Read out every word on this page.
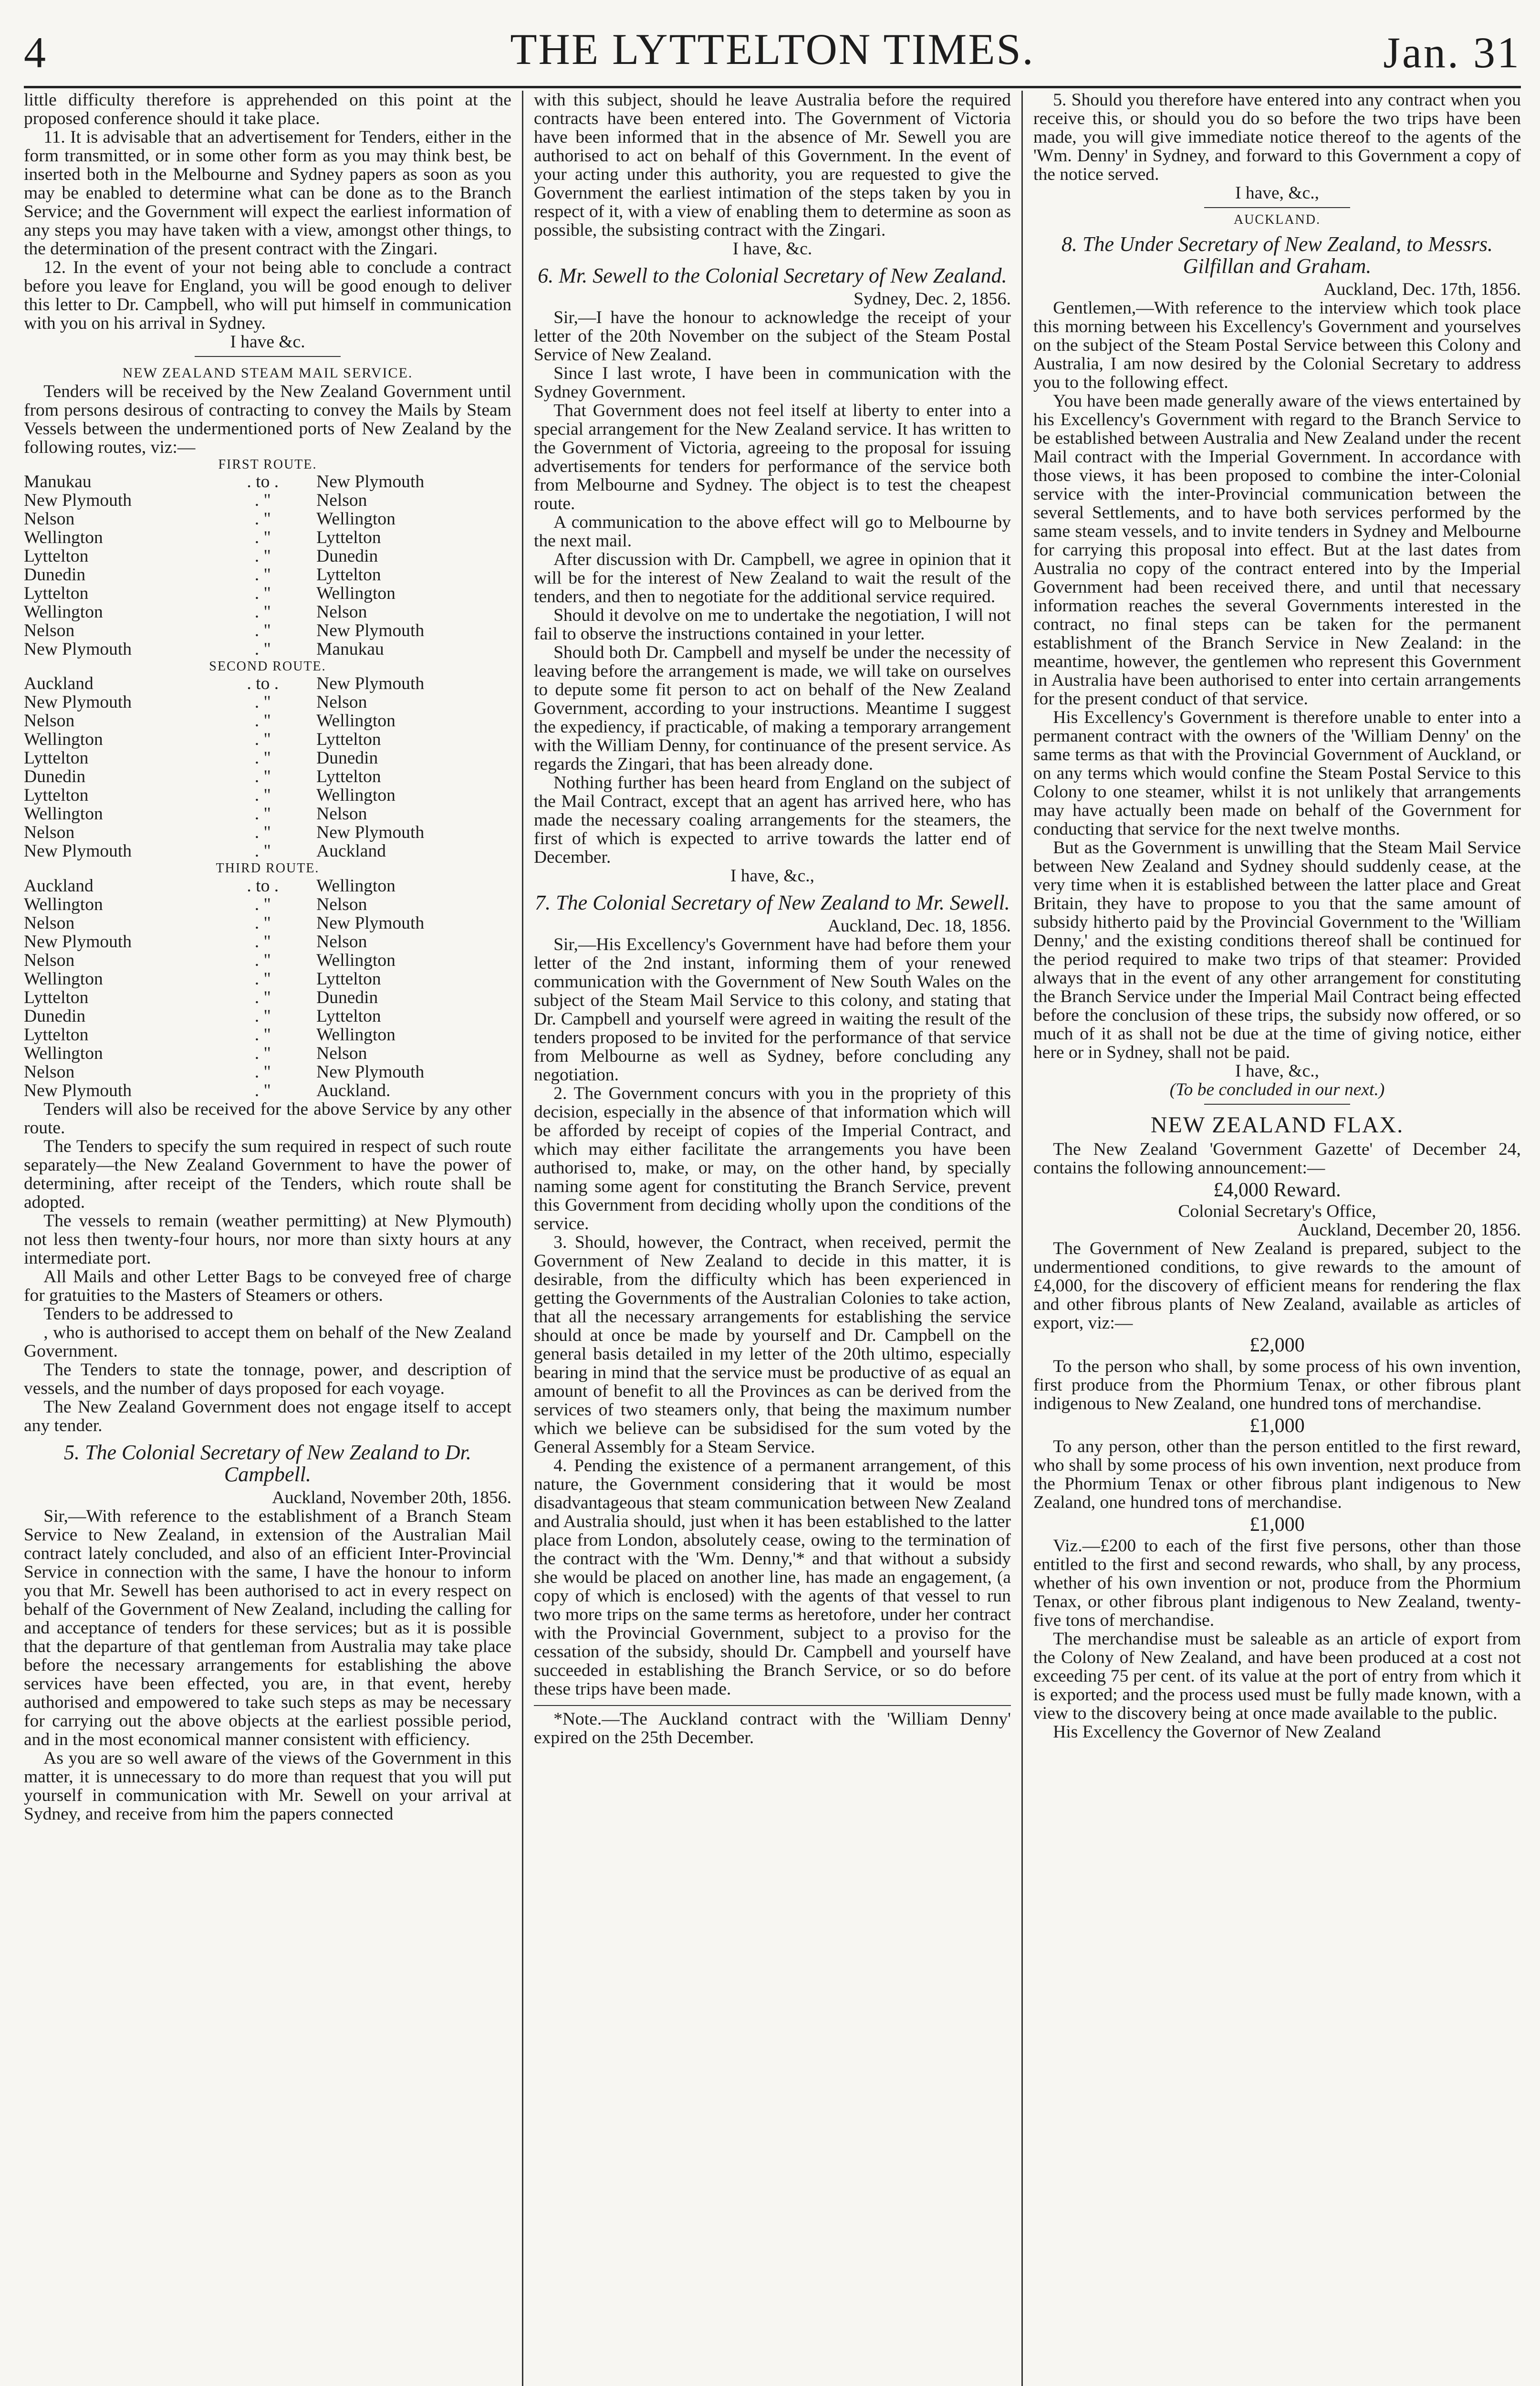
4	THE LYTTELTON TIMES.	Jan. 31

little difficulty therefore is apprehended on this point at the proposed conference should it take place.

11. It is advisable that an advertisement for Tenders, either in the form transmitted, or in some other form as you may think best, be inserted both in the Melbourne and Sydney papers as soon as you may be enabled to determine what can be done as to the Branch Service; and the Government will expect the earliest information of any steps you may have taken with a view, amongst other things, to the determination of the present contract with the Zingari.

12. In the event of your not being able to conclude a contract before you leave for England, you will be good enough to deliver this letter to Dr. Campbell, who will put himself in communication with you on his arrival in Sydney.

I have &c.

NEW ZEALAND STEAM MAIL SERVICE.

Tenders will be received by the New Zealand Government until from persons desirous of contracting to convey the Mails by Steam Vessels between the undermentioned ports of New Zealand by the following routes, viz:—

FIRST ROUTE.
Manukau	. to .	New Plymouth
New Plymouth	. "	Nelson
Nelson	. "	Wellington
Wellington	. "	Lyttelton
Lyttelton	. "	Dunedin
Dunedin	. "	Lyttelton
Lyttelton	. "	Wellington
Wellington	. "	Nelson
Nelson	. "	New Plymouth
New Plymouth	. "	Manukau
SECOND ROUTE.
Auckland	. to .	New Plymouth
New Plymouth	. "	Nelson
Nelson	. "	Wellington
Wellington	. "	Lyttelton
Lyttelton	. "	Dunedin
Dunedin	. "	Lyttelton
Lyttelton	. "	Wellington
Wellington	. "	Nelson
Nelson	. "	New Plymouth
New Plymouth	. "	Auckland
THIRD ROUTE.
Auckland	. to .	Wellington
Wellington	. "	Nelson
Nelson	. "	New Plymouth
New Plymouth	. "	Nelson
Nelson	. "	Wellington
Wellington	. "	Lyttelton
Lyttelton	. "	Dunedin
Dunedin	. "	Lyttelton
Lyttelton	. "	Wellington
Wellington	. "	Nelson
Nelson	. "	New Plymouth
New Plymouth	. "	Auckland.

Tenders will also be received for the above Service by any other route.

The Tenders to specify the sum required in respect of such route separately—the New Zealand Government to have the power of determining, after receipt of the Tenders, which route shall be adopted.

The vessels to remain (weather permitting) at New Plymouth) not less then twenty-four hours, nor more than sixty hours at any intermediate port.

All Mails and other Letter Bags to be conveyed free of charge for gratuities to the Masters of Steamers or others.

Tenders to be addressed to

, who is authorised to accept them on behalf of the New Zealand Government.

The Tenders to state the tonnage, power, and description of vessels, and the number of days proposed for each voyage.

The New Zealand Government does not engage itself to accept any tender.

5. The Colonial Secretary of New Zealand to Dr. Campbell.

Auckland, November 20th, 1856.

Sir,—With reference to the establishment of a Branch Steam Service to New Zealand, in extension of the Australian Mail contract lately concluded, and also of an efficient Inter-Provincial Service in connection with the same, I have the honour to inform you that Mr. Sewell has been authorised to act in every respect on behalf of the Government of New Zealand, including the calling for and acceptance of tenders for these services; but as it is possible that the departure of that gentleman from Australia may take place before the necessary arrangements for establishing the above services have been effected, you are, in that event, hereby authorised and empowered to take such steps as may be necessary for carrying out the above objects at the earliest possible period, and in the most economical manner consistent with efficiency.

As you are so well aware of the views of the Government in this matter, it is unnecessary to do more than request that you will put yourself in communication with Mr. Sewell on your arrival at Sydney, and receive from him the papers connected

with this subject, should he leave Australia before the required contracts have been entered into. The Government of Victoria have been informed that in the absence of Mr. Sewell you are authorised to act on behalf of this Government. In the event of your acting under this authority, you are requested to give the Government the earliest intimation of the steps taken by you in respect of it, with a view of enabling them to determine as soon as possible, the subsisting contract with the Zingari.

I have, &c.

6. Mr. Sewell to the Colonial Secretary of New Zealand.

Sydney, Dec. 2, 1856.

Sir,—I have the honour to acknowledge the receipt of your letter of the 20th November on the subject of the Steam Postal Service of New Zealand.

Since I last wrote, I have been in communication with the Sydney Government.

That Government does not feel itself at liberty to enter into a special arrangement for the New Zealand service. It has written to the Government of Victoria, agreeing to the proposal for issuing advertisements for tenders for performance of the service both from Melbourne and Sydney. The object is to test the cheapest route.

A communication to the above effect will go to Melbourne by the next mail.

After discussion with Dr. Campbell, we agree in opinion that it will be for the interest of New Zealand to wait the result of the tenders, and then to negotiate for the additional service required.

Should it devolve on me to undertake the negotiation, I will not fail to observe the instructions contained in your letter.

Should both Dr. Campbell and myself be under the necessity of leaving before the arrangement is made, we will take on ourselves to depute some fit person to act on behalf of the New Zealand Government, according to your instructions. Meantime I suggest the expediency, if practicable, of making a temporary arrangement with the William Denny, for continuance of the present service. As regards the Zingari, that has been already done.

Nothing further has been heard from England on the subject of the Mail Contract, except that an agent has arrived here, who has made the necessary coaling arrangements for the steamers, the first of which is expected to arrive towards the latter end of December.

I have, &c.,

7. The Colonial Secretary of New Zealand to Mr. Sewell.

Auckland, Dec. 18, 1856.

Sir,—His Excellency's Government have had before them your letter of the 2nd instant, informing them of your renewed communication with the Government of New South Wales on the subject of the Steam Mail Service to this colony, and stating that Dr. Campbell and yourself were agreed in waiting the result of the tenders proposed to be invited for the performance of that service from Melbourne as well as Sydney, before concluding any negotiation.

2. The Government concurs with you in the propriety of this decision, especially in the absence of that information which will be afforded by receipt of copies of the Imperial Contract, and which may either facilitate the arrangements you have been authorised to, make, or may, on the other hand, by specially naming some agent for constituting the Branch Service, prevent this Government from deciding wholly upon the conditions of the service.

3. Should, however, the Contract, when received, permit the Government of New Zealand to decide in this matter, it is desirable, from the difficulty which has been experienced in getting the Governments of the Australian Colonies to take action, that all the necessary arrangements for establishing the service should at once be made by yourself and Dr. Campbell on the general basis detailed in my letter of the 20th ultimo, especially bearing in mind that the service must be productive of as equal an amount of benefit to all the Provinces as can be derived from the services of two steamers only, that being the maximum number which we believe can be subsidised for the sum voted by the General Assembly for a Steam Service.

4. Pending the existence of a permanent arrangement, of this nature, the Government considering that it would be most disadvantageous that steam communication between New Zealand and Australia should, just when it has been established to the latter place from London, absolutely cease, owing to the termination of the contract with the 'Wm. Denny,'* and that without a subsidy she would be placed on another line, has made an engagement, (a copy of which is enclosed) with the agents of that vessel to run two more trips on the same terms as heretofore, under her contract with the Provincial Government, subject to a proviso for the cessation of the subsidy, should Dr. Campbell and yourself have succeeded in establishing the Branch Service, or so do before these trips have been made.

*Note.—The Auckland contract with the 'William Denny' expired on the 25th December.

5. Should you therefore have entered into any contract when you receive this, or should you do so before the two trips have been made, you will give immediate notice thereof to the agents of the 'Wm. Denny' in Sydney, and forward to this Government a copy of the notice served.

I have, &c.,

AUCKLAND.
8. The Under Secretary of New Zealand, to Messrs. Gilfillan and Graham.

Auckland, Dec. 17th, 1856.

Gentlemen,—With reference to the interview which took place this morning between his Excellency's Government and yourselves on the subject of the Steam Postal Service between this Colony and Australia, I am now desired by the Colonial Secretary to address you to the following effect.

You have been made generally aware of the views entertained by his Excellency's Government with regard to the Branch Service to be established between Australia and New Zealand under the recent Mail contract with the Imperial Government. In accordance with those views, it has been proposed to combine the inter-Colonial service with the inter-Provincial communication between the several Settlements, and to have both services performed by the same steam vessels, and to invite tenders in Sydney and Melbourne for carrying this proposal into effect. But at the last dates from Australia no copy of the contract entered into by the Imperial Government had been received there, and until that necessary information reaches the several Governments interested in the contract, no final steps can be taken for the permanent establishment of the Branch Service in New Zealand: in the meantime, however, the gentlemen who represent this Government in Australia have been authorised to enter into certain arrangements for the present conduct of that service.

His Excellency's Government is therefore unable to enter into a permanent contract with the owners of the 'William Denny' on the same terms as that with the Provincial Government of Auckland, or on any terms which would confine the Steam Postal Service to this Colony to one steamer, whilst it is not unlikely that arrangements may have actually been made on behalf of the Government for conducting that service for the next twelve months.

But as the Government is unwilling that the Steam Mail Service between New Zealand and Sydney should suddenly cease, at the very time when it is established between the latter place and Great Britain, they have to propose to you that the same amount of subsidy hitherto paid by the Provincial Government to the 'William Denny,' and the existing conditions thereof shall be continued for the period required to make two trips of that steamer: Provided always that in the event of any other arrangement for constituting the Branch Service under the Imperial Mail Contract being effected before the conclusion of these trips, the subsidy now offered, or so much of it as shall not be due at the time of giving notice, either here or in Sydney, shall not be paid.

I have, &c.,

(To be concluded in our next.)

NEW ZEALAND FLAX.

The New Zealand 'Government Gazette' of December 24, contains the following announcement:—

£4,000 Reward.

Colonial Secretary's Office,

Auckland, December 20, 1856.

The Government of New Zealand is prepared, subject to the undermentioned conditions, to give rewards to the amount of £4,000, for the discovery of efficient means for rendering the flax and other fibrous plants of New Zealand, available as articles of export, viz:—

£2,000

To the person who shall, by some process of his own invention, first produce from the Phormium Tenax, or other fibrous plant indigenous to New Zealand, one hundred tons of merchandise.

£1,000

To any person, other than the person entitled to the first reward, who shall by some process of his own invention, next produce from the Phormium Tenax or other fibrous plant indigenous to New Zealand, one hundred tons of merchandise.

£1,000

Viz.—£200 to each of the first five persons, other than those entitled to the first and second rewards, who shall, by any process, whether of his own invention or not, produce from the Phormium Tenax, or other fibrous plant indigenous to New Zealand, twenty-five tons of merchandise.

The merchandise must be saleable as an article of export from the Colony of New Zealand, and have been produced at a cost not exceeding 75 per cent. of its value at the port of entry from which it is exported; and the process used must be fully made known, with a view to the discovery being at once made available to the public.

His Excellency the Governor of New Zealand
